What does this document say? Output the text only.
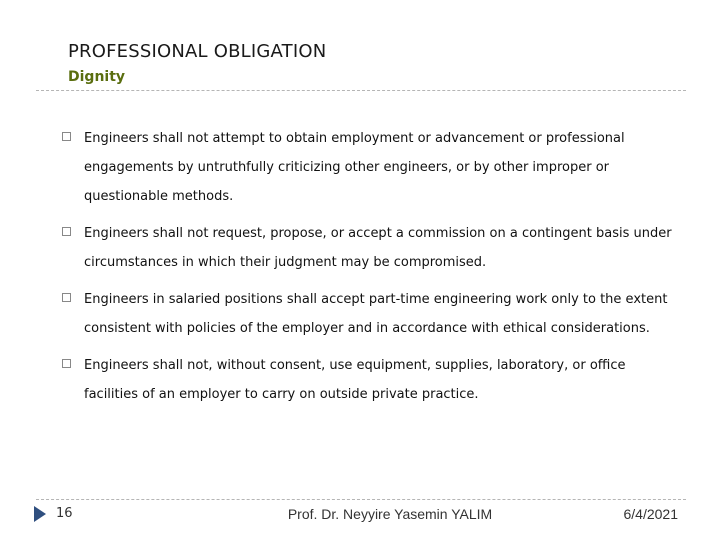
PROFESSIONAL OBLIGATION
Dignity
Engineers shall not attempt to obtain employment or advancement or professional engagements by untruthfully criticizing other engineers, or by other improper or questionable methods.
Engineers shall not request, propose, or accept a commission on a contingent basis under circumstances in which their judgment may be compromised.
Engineers in salaried positions shall accept part-time engineering work only to the extent consistent with policies of the employer and in accordance with ethical considerations.
Engineers shall not, without consent, use equipment, supplies, laboratory, or office facilities of an employer to carry on outside private practice.
16	Prof. Dr. Neyyire Yasemin YALIM	6/4/2021
